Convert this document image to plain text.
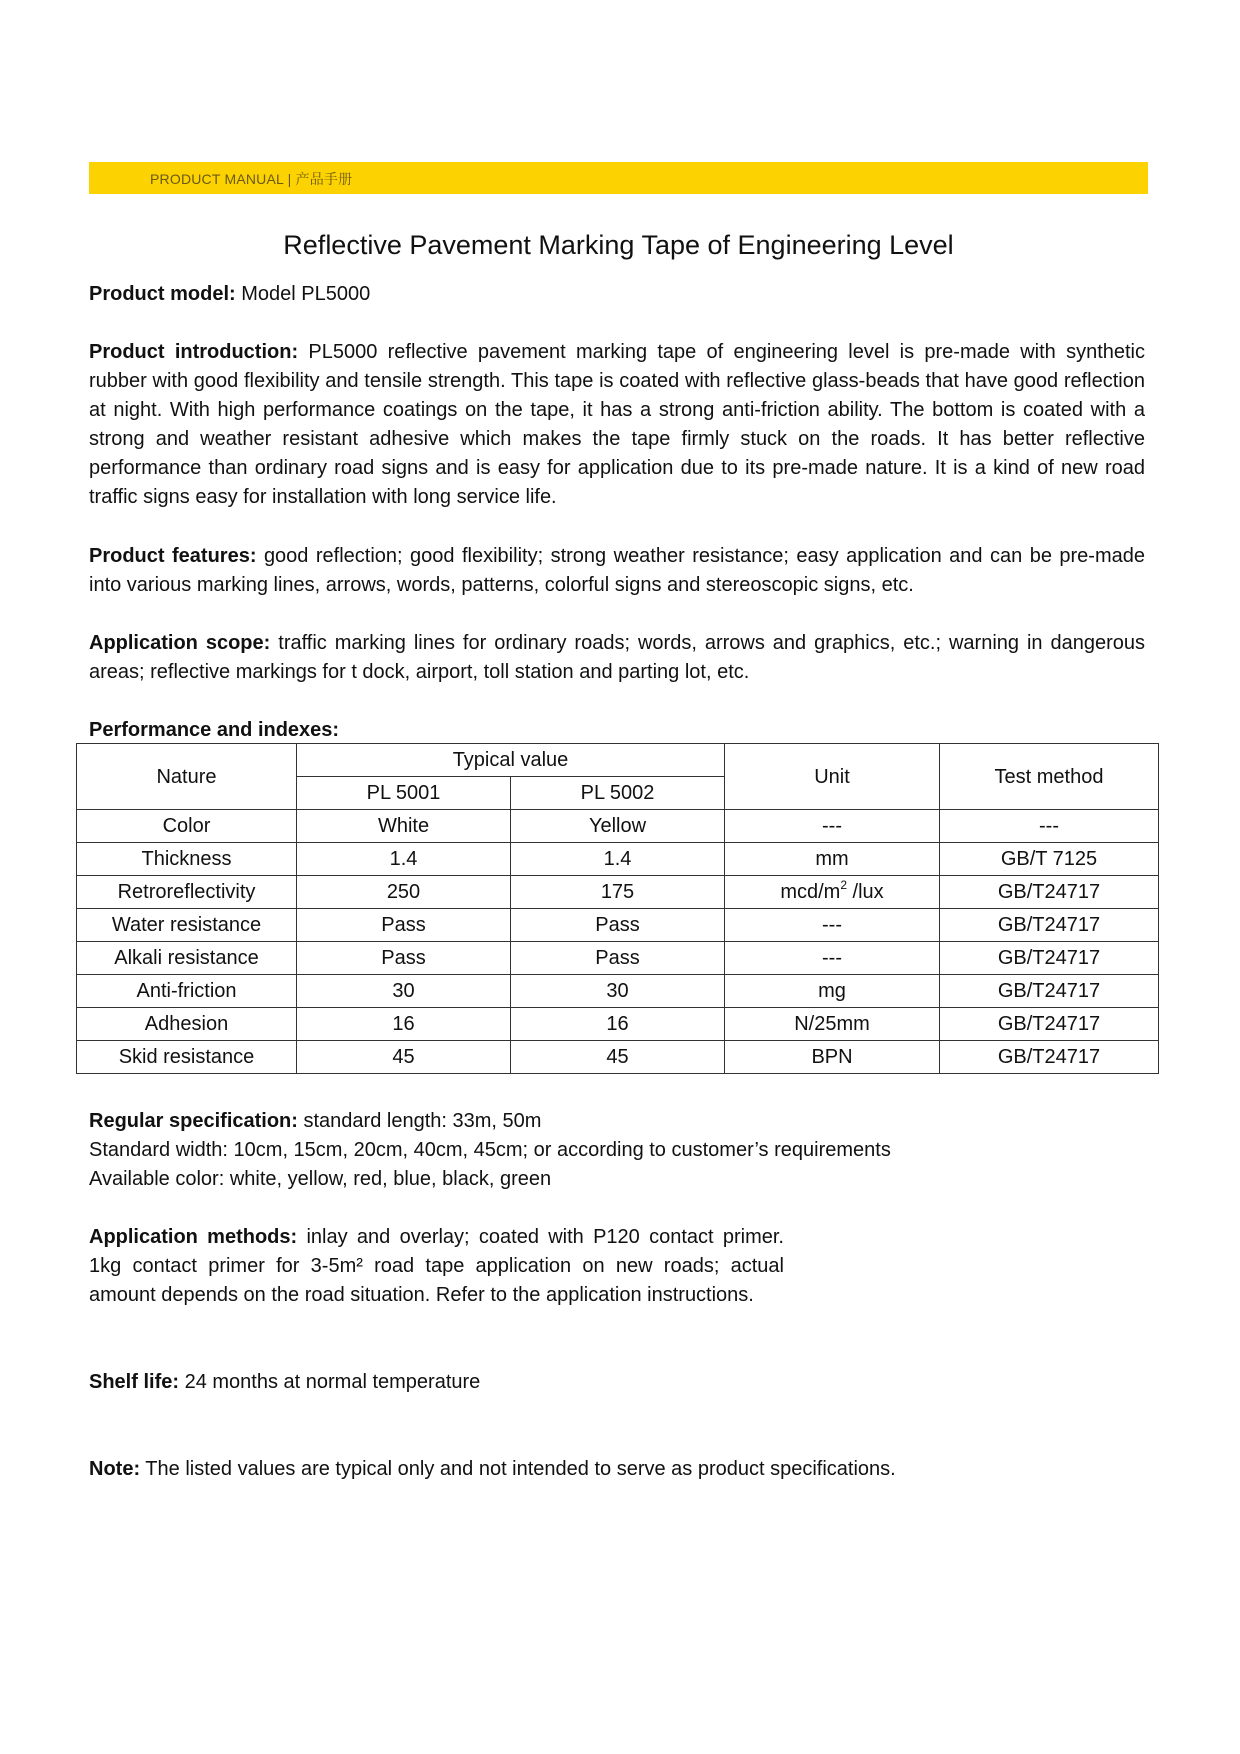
PRODUCT MANUAL | 产品手册
Reflective Pavement Marking Tape of Engineering Level

Product model: Model PL5000

Product introduction: PL5000 reflective pavement marking tape of engineering level is pre-made with synthetic rubber with good flexibility and tensile strength. This tape is coated with reflective glass-beads that have good reflection at night. With high performance coatings on the tape, it has a strong anti-friction ability. The bottom is coated with a strong and weather resistant adhesive which makes the tape firmly stuck on the roads. It has better reflective performance than ordinary road signs and is easy for application due to its pre-made nature. It is a kind of new road traffic signs easy for installation with long service life.

Product features: good reflection; good flexibility; strong weather resistance; easy application and can be pre-made into various marking lines, arrows, words, patterns, colorful signs and stereoscopic signs, etc.

Application scope: traffic marking lines for ordinary roads; words, arrows and graphics, etc.; warning in dangerous areas; reflective markings for t dock, airport, toll station and parting lot, etc.

Performance and indexes:

Nature	Typical value		Unit	Test method
	PL 5001	PL 5002		
Color	White	Yellow	---	---
Thickness	1.4	1.4	mm	GB/T 7125
Retroreflectivity	250	175	mcd/$m^2$ /lux	GB/T24717
Water resistance	Pass	Pass	---	GB/T24717
Alkali resistance	Pass	Pass	---	GB/T24717
Anti-friction	30	30	mg	GB/T24717
Adhesion	16	16	N/25mm	GB/T24717
Skid resistance	45	45	BPN	GB/T24717

Regular specification: standard length: 33m, 50m
Standard width: 10cm, 15cm, 20cm, 40cm, 45cm; or according to customer’s requirements
Available color: white, yellow, red, blue, black, green

Application methods: inlay and overlay; coated with P120 contact primer. 1kg contact primer for 3-5m² road tape application on new roads; actual amount depends on the road situation. Refer to the application instructions.

Shelf life: 24 months at normal temperature

Note: The listed values are typical only and not intended to serve as product specifications.
